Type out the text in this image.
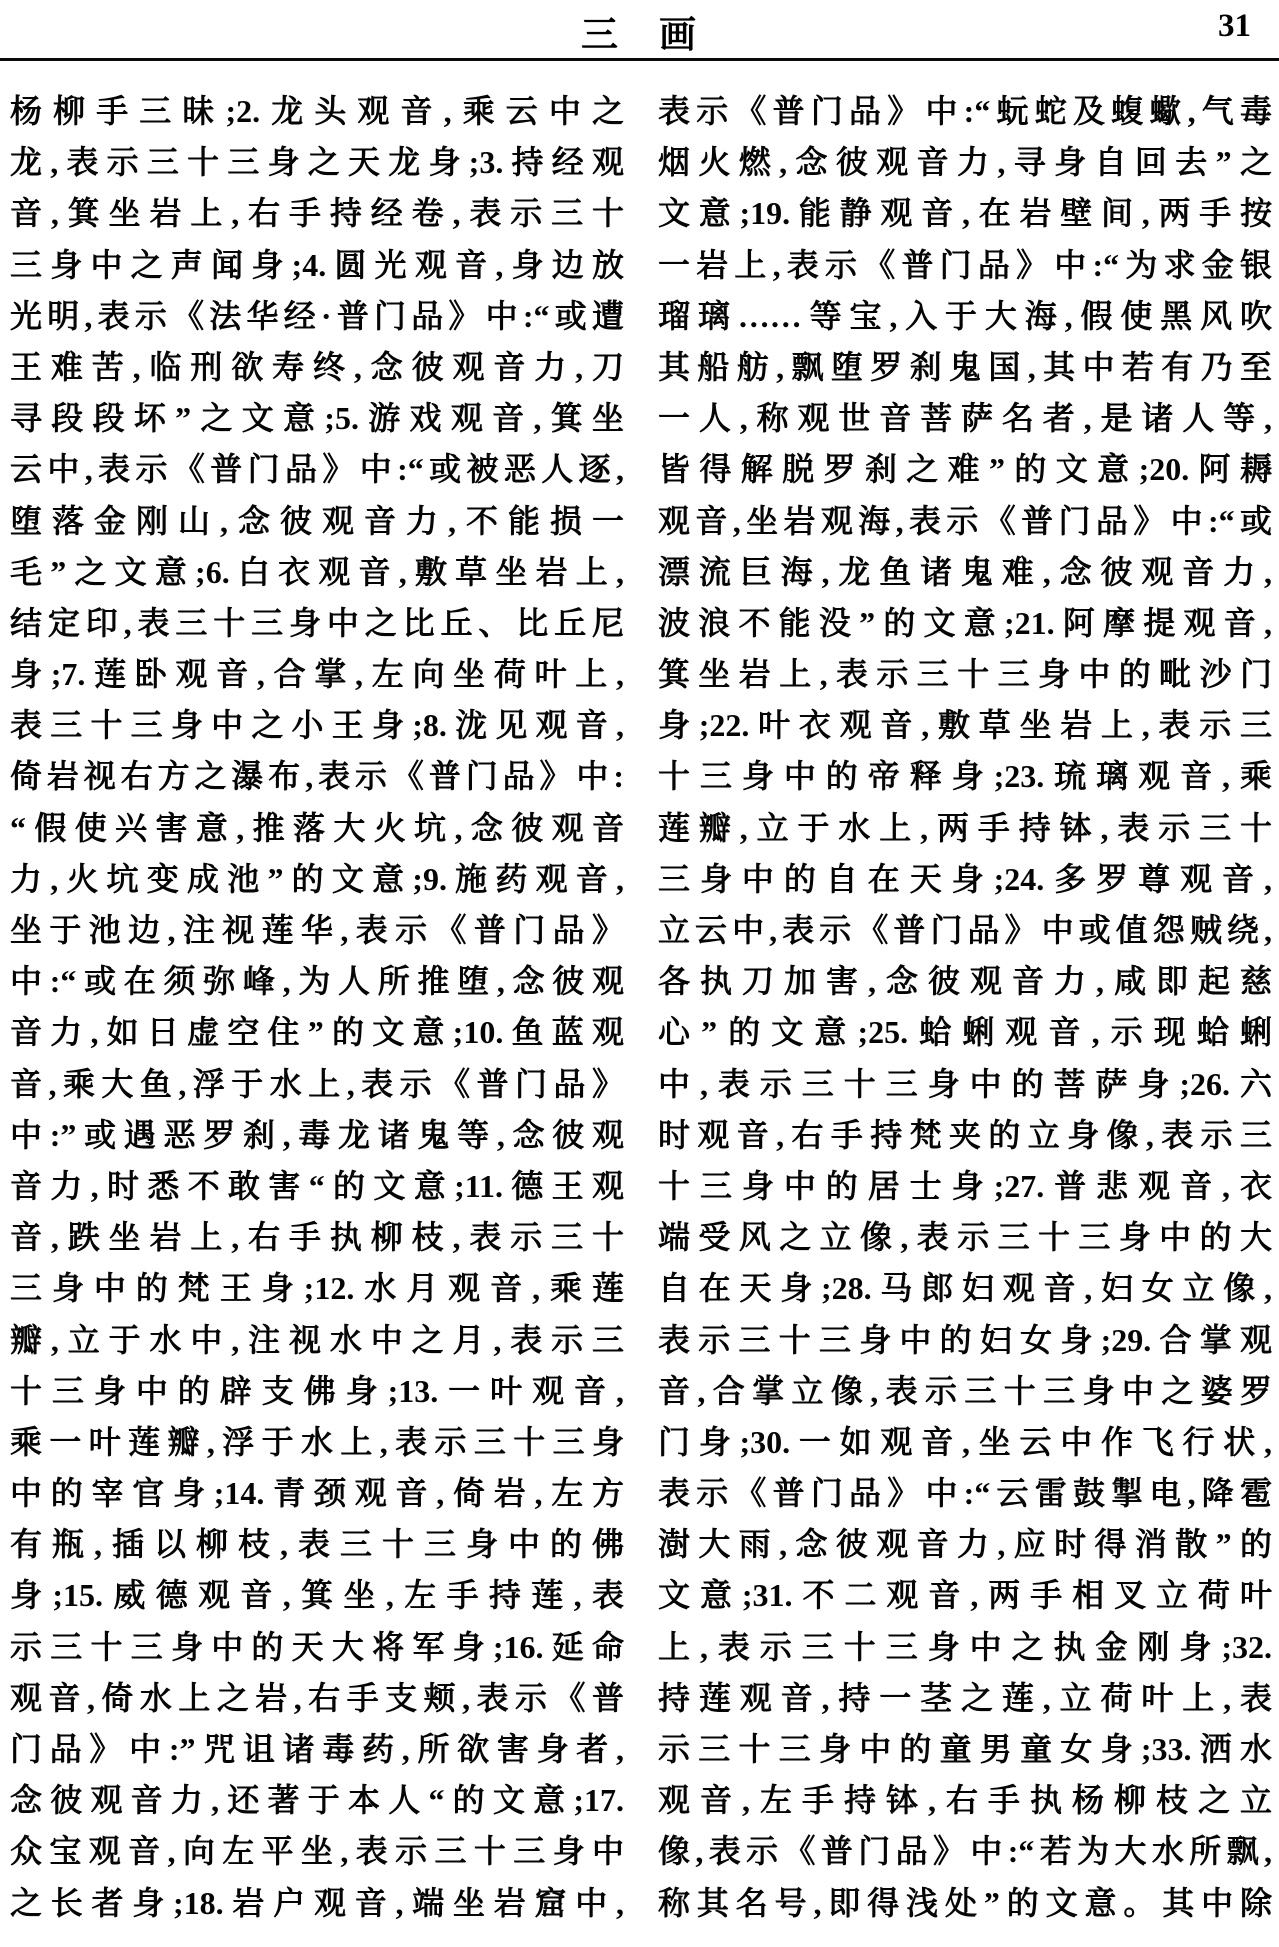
三　画	31
杨柳手三昧;2.龙头观音,乘云中之
龙,表示三十三身之天龙身;3.持经观
音,箕坐岩上,右手持经卷,表示三十
三身中之声闻身;4.圆光观音,身边放
光明,表示《法华经·普门品》中:“或遭
王难苦,临刑欲寿终,念彼观音力,刀
寻段段坏”之文意;5.游戏观音,箕坐
云中,表示《普门品》中:“或被恶人逐,
堕落金刚山,念彼观音力,不能损一
毛”之文意;6.白衣观音,敷草坐岩上,
结定印,表三十三身中之比丘、比丘尼
身;7.莲卧观音,合掌,左向坐荷叶上,
表三十三身中之小王身;8.泷见观音,
倚岩视右方之瀑布,表示《普门品》中:
“假使兴害意,推落大火坑,念彼观音
力,火坑变成池”的文意;9.施药观音,
坐于池边,注视莲华,表示《普门品》
中:“或在须弥峰,为人所推堕,念彼观
音力,如日虚空住”的文意;10.鱼蓝观
音,乘大鱼,浮于水上,表示《普门品》
中:”或遇恶罗刹,毒龙诸鬼等,念彼观
音力,时悉不敢害“的文意;11.德王观
音,跌坐岩上,右手执柳枝,表示三十
三身中的梵王身;12.水月观音,乘莲
瓣,立于水中,注视水中之月,表示三
十三身中的辟支佛身;13.一叶观音,
乘一叶莲瓣,浮于水上,表示三十三身
中的宰官身;14.青颈观音,倚岩,左方
有瓶,插以柳枝,表三十三身中的佛
身;15.威德观音,箕坐,左手持莲,表
示三十三身中的天大将军身;16.延命
观音,倚水上之岩,右手支颊,表示《普
门品》中:”咒诅诸毒药,所欲害身者,
念彼观音力,还著于本人“的文意;17.
众宝观音,向左平坐,表示三十三身中
之长者身;18.岩户观音,端坐岩窟中,
表示《普门品》中:“蚖蛇及蝮蠍,气毒
烟火燃,念彼观音力,寻身自回去”之
文意;19.能静观音,在岩壁间,两手按
一岩上,表示《普门品》中:“为求金银
瑠璃……等宝,入于大海,假使黑风吹
其船舫,飘堕罗刹鬼国,其中若有乃至
一人,称观世音菩萨名者,是诸人等,
皆得解脱罗刹之难”的文意;20.阿耨
观音,坐岩观海,表示《普门品》中:“或
漂流巨海,龙鱼诸鬼难,念彼观音力,
波浪不能没”的文意;21.阿摩提观音,
箕坐岩上,表示三十三身中的毗沙门
身;22.叶衣观音,敷草坐岩上,表示三
十三身中的帝释身;23.琉璃观音,乘
莲瓣,立于水上,两手持钵,表示三十
三身中的自在天身;24.多罗尊观音,
立云中,表示《普门品》中或值怨贼绕,
各执刀加害,念彼观音力,咸即起慈
心”的文意;25.蛤蜊观音,示现蛤蜊
中,表示三十三身中的菩萨身;26.六
时观音,右手持梵夹的立身像,表示三
十三身中的居士身;27.普悲观音,衣
端受风之立像,表示三十三身中的大
自在天身;28.马郎妇观音,妇女立像,
表示三十三身中的妇女身;29.合掌观
音,合掌立像,表示三十三身中之婆罗
门身;30.一如观音,坐云中作飞行状,
表示《普门品》中:“云雷鼓掣电,降雹
澍大雨,念彼观音力,应时得消散”的
文意;31.不二观音,两手相叉立荷叶
上,表示三十三身中之执金刚身;32.
持莲观音,持一茎之莲,立荷叶上,表
示三十三身中的童男童女身;33.洒水
观音,左手持钵,右手执杨柳枝之立
像,表示《普门品》中:“若为大水所飘,
称其名号,即得浅处”的文意。其中除
